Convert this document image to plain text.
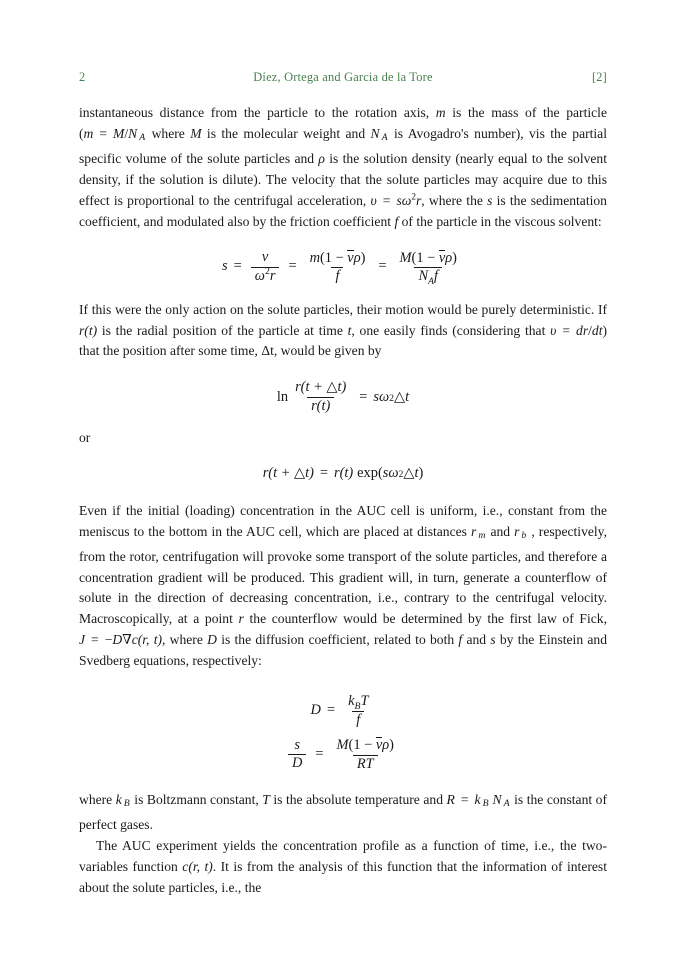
2	Díez, Ortega and Garcia de la Tore	[2]

instantaneous distance from the particle to the rotation axis, m is the mass of the particle (m = M/N A where M is the molecular weight and N A is Avogadro's number), vis the partial specific volume of the solute particles and ρ is the solution density (nearly equal to the solvent density, if the solution is dilute). The velocity that the solute particles may acquire due to this effect is proportional to the centrifugal acceleration, $\upsilon = s\omega^2r$, where the s is the sedimentation coefficient, and modulated also by the friction coefficient f of the particle in the viscous solvent:

$s = \frac{\nu}{\omega^2r} = \frac{m(1 - \nu\rho)}{f} = \frac{M(1 - \nu\rho)}{N_Af}$

If this were the only action on the solute particles, their motion would be purely deterministic. If r(t) is the radial position of the particle at time t, one easily finds (considering that υ = dr/dt) that the position after some time, Δt, would be given by

$\ln \frac{r(t + \triangle t)}{r(t)} = s$ ω 2 △t

or

r(t + △t) = r(t) exp ( s ω 2 △t )

Even if the initial (loading) concentration in the AUC cell is uniform, i.e., constant from the meniscus to the bottom in the AUC cell, which are placed at distances r m and r b , respectively, from the rotor, centrifugation will provoke some transport of the solute particles, and therefore a concentration gradient will be produced. This gradient will, in turn, generate a counterflow of solute in the direction of decreasing concentration, i.e., contrary to the centrifugal velocity. Macroscopically, at a point r the counterflow would be determined by the first law of Fick, J = −D∇c(r, t), where D is the diffusion coefficient, related to both f and s by the Einstein and Svedberg equations, respectively:

$D = \frac{k_BT}{f}$
$\frac{s}{D} = \frac{M(1 - v\rho)}{RT}$

where k B is Boltzmann constant, T is the absolute temperature and R = k B N A is the constant of perfect gases.

The AUC experiment yields the concentration profile as a function of time, i.e., the two-variables function c(r, t). It is from the analysis of this function that the information of interest about the solute particles, i.e., the
